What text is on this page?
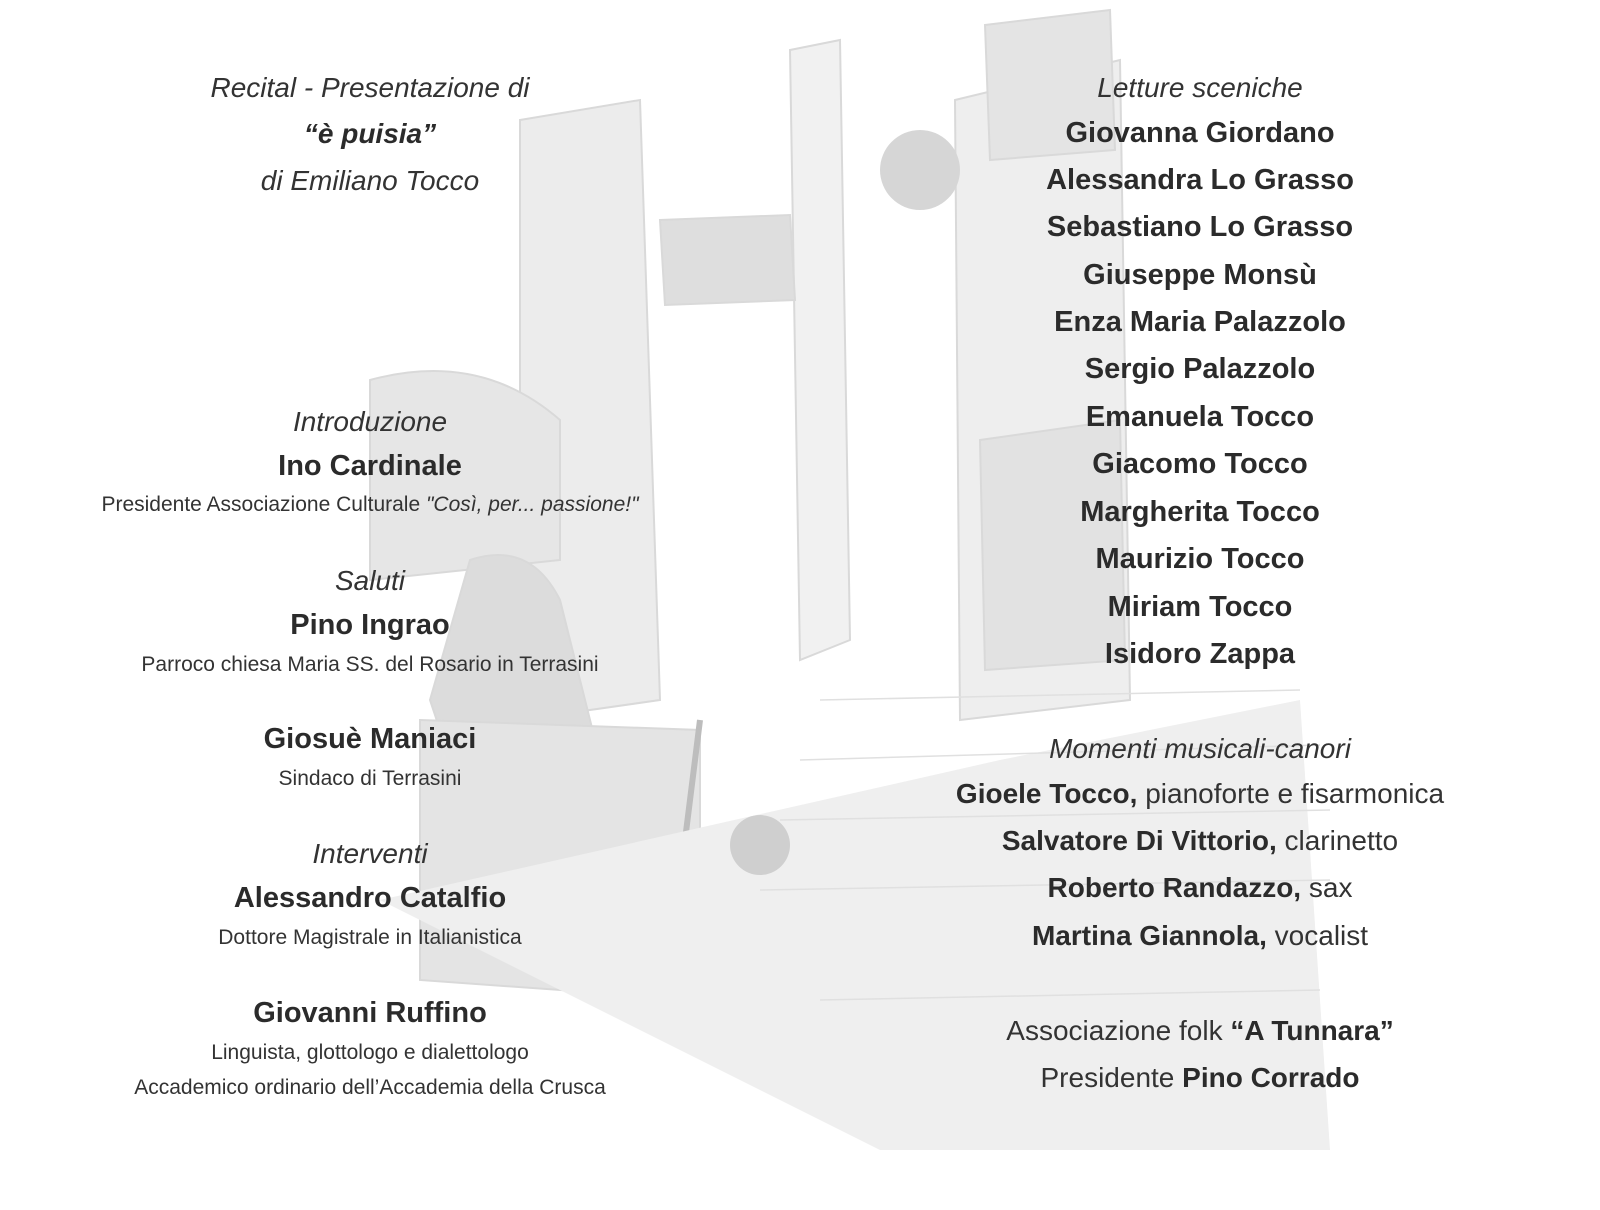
Recital - Presentazione di
“è puisia”
di Emiliano Tocco
Introduzione
Ino Cardinale
Presidente Associazione Culturale "Così, per... passione!"
Saluti
Pino Ingrao
Parroco chiesa Maria SS. del Rosario in Terrasini
Giosuè Maniaci
Sindaco di Terrasini
Interventi
Alessandro Catalfio
Dottore Magistrale in Italianistica
Giovanni Ruffino
Linguista, glottologo e dialettologo
Accademico ordinario dell’Accademia della Crusca
Letture sceniche
Giovanna Giordano
Alessandra Lo Grasso
Sebastiano Lo Grasso
Giuseppe Monsù
Enza Maria Palazzolo
Sergio Palazzolo
Emanuela Tocco
Giacomo Tocco
Margherita Tocco
Maurizio Tocco
Miriam Tocco
Isidoro Zappa
Momenti musicali-canori
Gioele Tocco, pianoforte e fisarmonica
Salvatore Di Vittorio, clarinetto
Roberto Randazzo, sax
Martina Giannola, vocalist
Associazione folk “A Tunnara”
Presidente Pino Corrado
